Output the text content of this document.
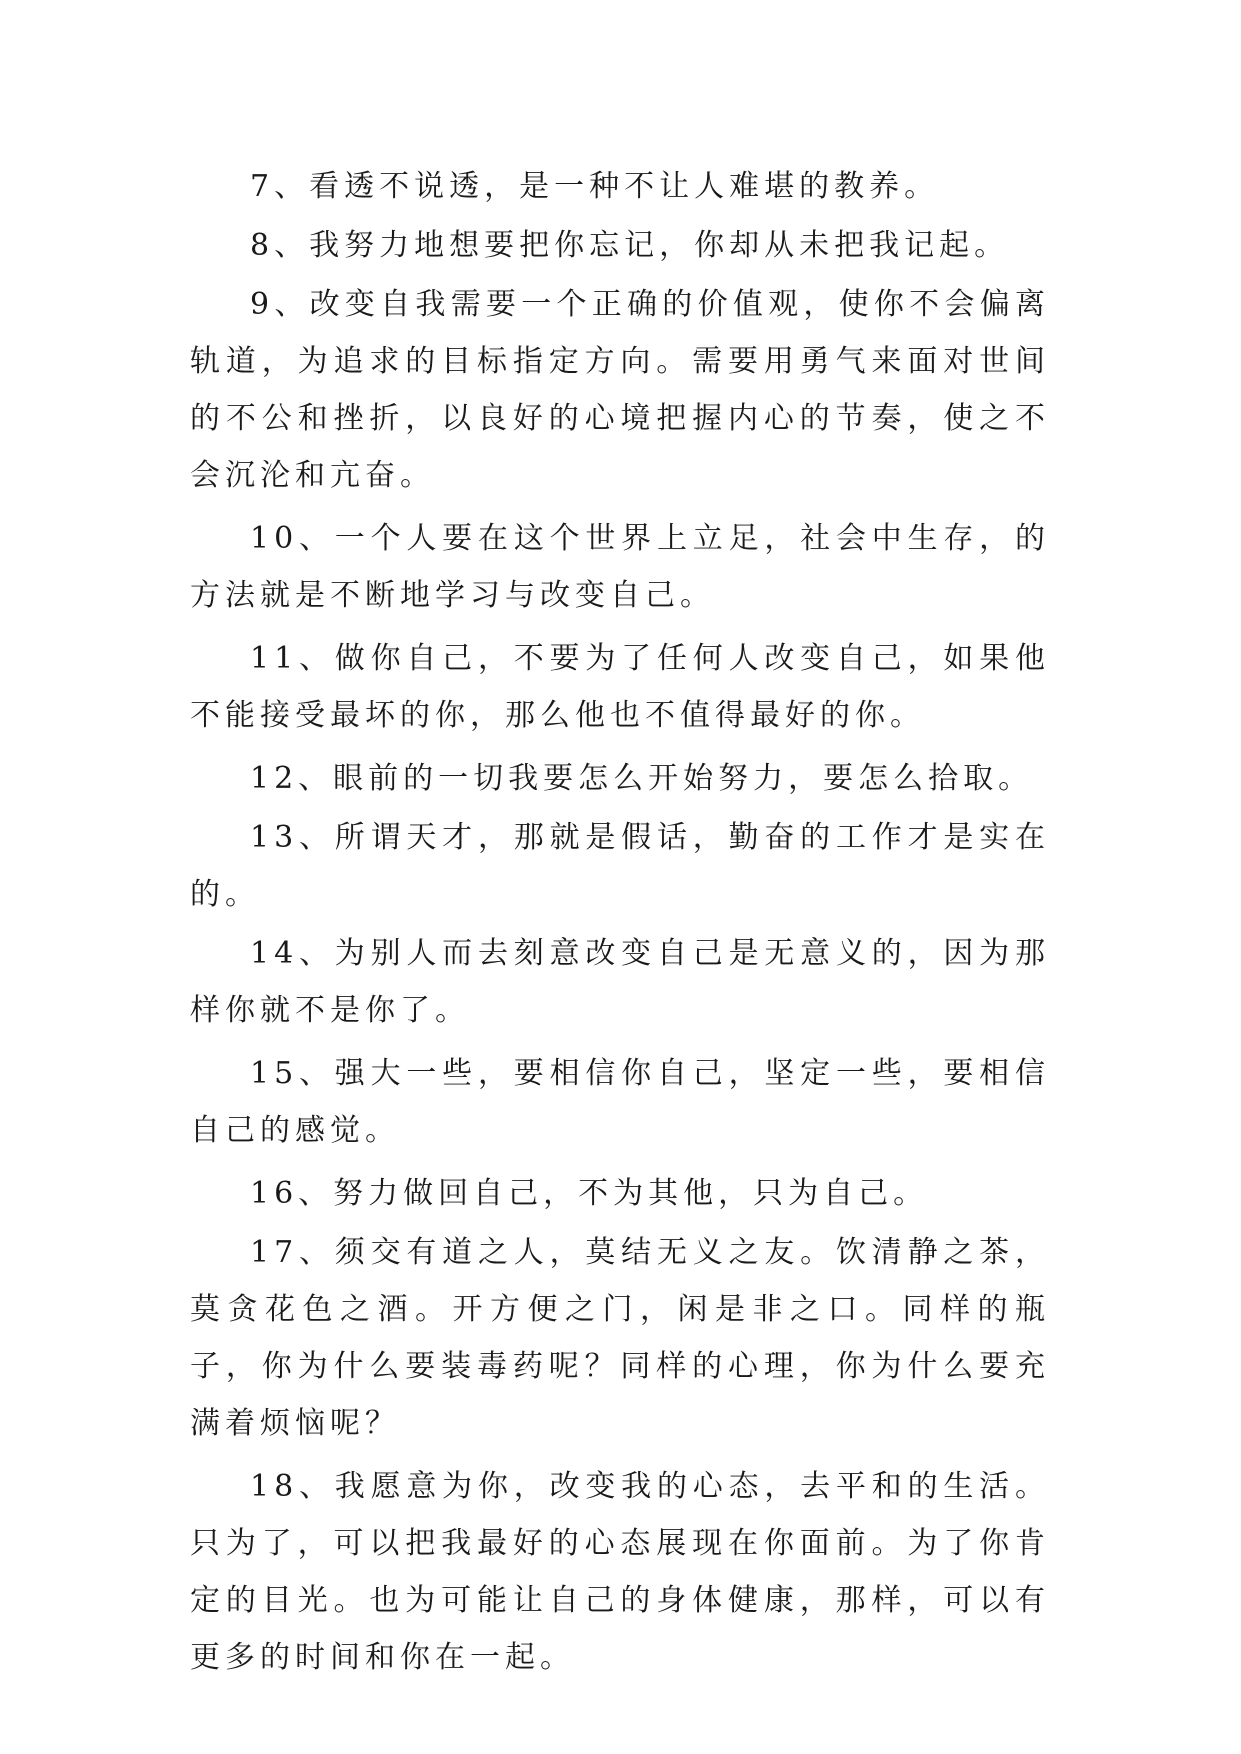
7、看透不说透，是一种不让人难堪的教养。

8、我努力地想要把你忘记，你却从未把我记起。

9、改变自我需要一个正确的价值观，使你不会偏离轨道，为追求的目标指定方向。需要用勇气来面对世间的不公和挫折，以良好的心境把握内心的节奏，使之不会沉沦和亢奋。

10、一个人要在这个世界上立足，社会中生存，的方法就是不断地学习与改变自己。

11、做你自己，不要为了任何人改变自己，如果他不能接受最坏的你，那么他也不值得最好的你。

12、眼前的一切我要怎么开始努力，要怎么拾取。

13、所谓天才，那就是假话，勤奋的工作才是实在的。

14、为别人而去刻意改变自己是无意义的，因为那样你就不是你了。

15、强大一些，要相信你自己，坚定一些，要相信自己的感觉。

16、努力做回自己，不为其他，只为自己。

17、须交有道之人，莫结无义之友。饮清静之茶，莫贪花色之酒。开方便之门，闲是非之口。同样的瓶子，你为什么要装毒药呢？同样的心理，你为什么要充满着烦恼呢？

18、我愿意为你，改变我的心态，去平和的生活。只为了，可以把我最好的心态展现在你面前。为了你肯定的目光。也为可能让自己的身体健康，那样，可以有更多的时间和你在一起。
